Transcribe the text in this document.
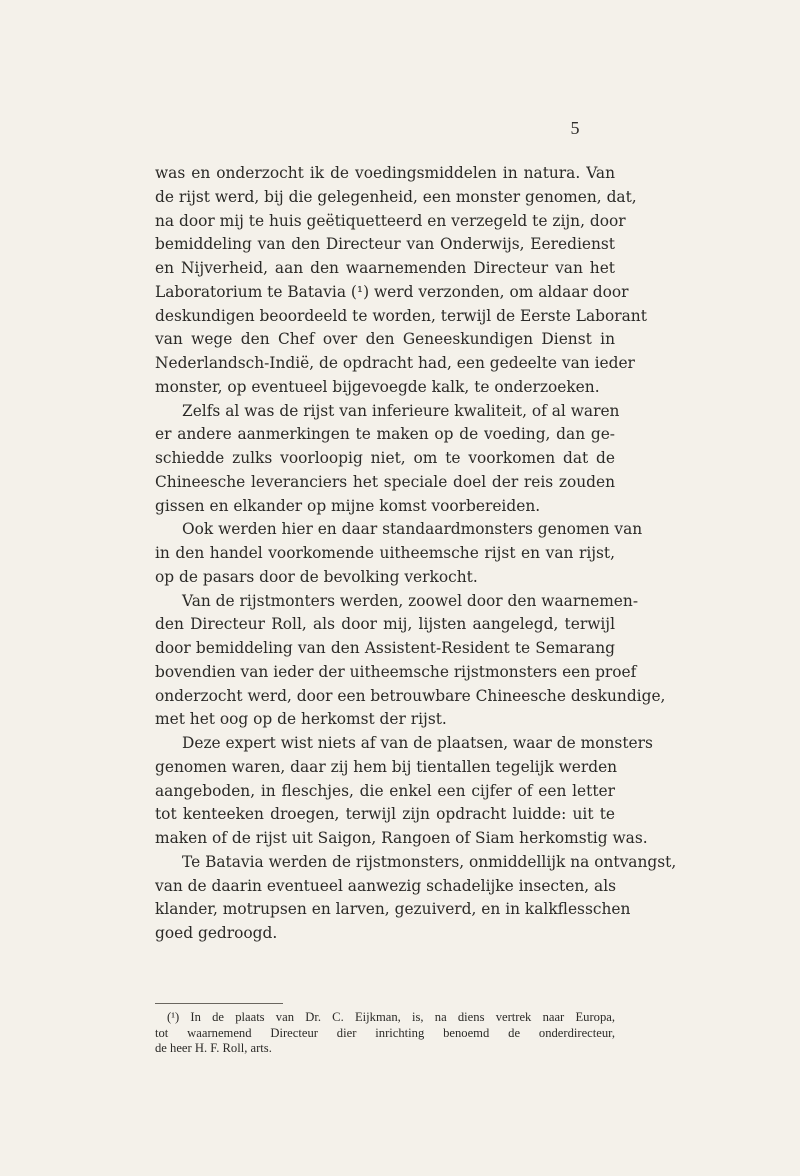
5
was en onderzocht ik de voedingsmiddelen in natura. Van
de rijst werd, bij die gelegenheid, een monster genomen, dat,
na door mij te huis geëtiquetteerd en verzegeld te zijn, door
bemiddeling van den Directeur van Onderwijs, Eeredienst
en Nijverheid, aan den waarnemenden Directeur van het
Laboratorium te Batavia (¹) werd verzonden, om aldaar door
deskundigen beoordeeld te worden, terwijl de Eerste Laborant
van wege den Chef over den Geneeskundigen Dienst in
Nederlandsch-Indië, de opdracht had, een gedeelte van ieder
monster, op eventueel bijgevoegde kalk, te onderzoeken.
Zelfs al was de rijst van inferieure kwaliteit, of al waren
er andere aanmerkingen te maken op de voeding, dan ge-
schiedde zulks voorloopig niet, om te voorkomen dat de
Chineesche leveranciers het speciale doel der reis zouden
gissen en elkander op mijne komst voorbereiden.
Ook werden hier en daar standaardmonsters genomen van
in den handel voorkomende uitheemsche rijst en van rijst,
op de pasars door de bevolking verkocht.
Van de rijstmonters werden, zoowel door den waarnemen-
den Directeur Roll, als door mij, lijsten aangelegd, terwijl
door bemiddeling van den Assistent-Resident te Semarang
bovendien van ieder der uitheemsche rijstmonsters een proef
onderzocht werd, door een betrouwbare Chineesche deskundige,
met het oog op de herkomst der rijst.
Deze expert wist niets af van de plaatsen, waar de monsters
genomen waren, daar zij hem bij tientallen tegelijk werden
aangeboden, in fleschjes, die enkel een cijfer of een letter
tot kenteeken droegen, terwijl zijn opdracht luidde: uit te
maken of de rijst uit Saigon, Rangoen of Siam herkomstig was.
Te Batavia werden de rijstmonsters, onmiddellijk na ontvangst,
van de daarin eventueel aanwezig schadelijke insecten, als
klander, motrupsen en larven, gezuiverd, en in kalkflesschen
goed gedroogd.
(¹) In de plaats van Dr. C. Eijkman, is, na diens vertrek naar Europa,
tot waarnemend Directeur dier inrichting benoemd de onderdirecteur,
de heer H. F. Roll, arts.
